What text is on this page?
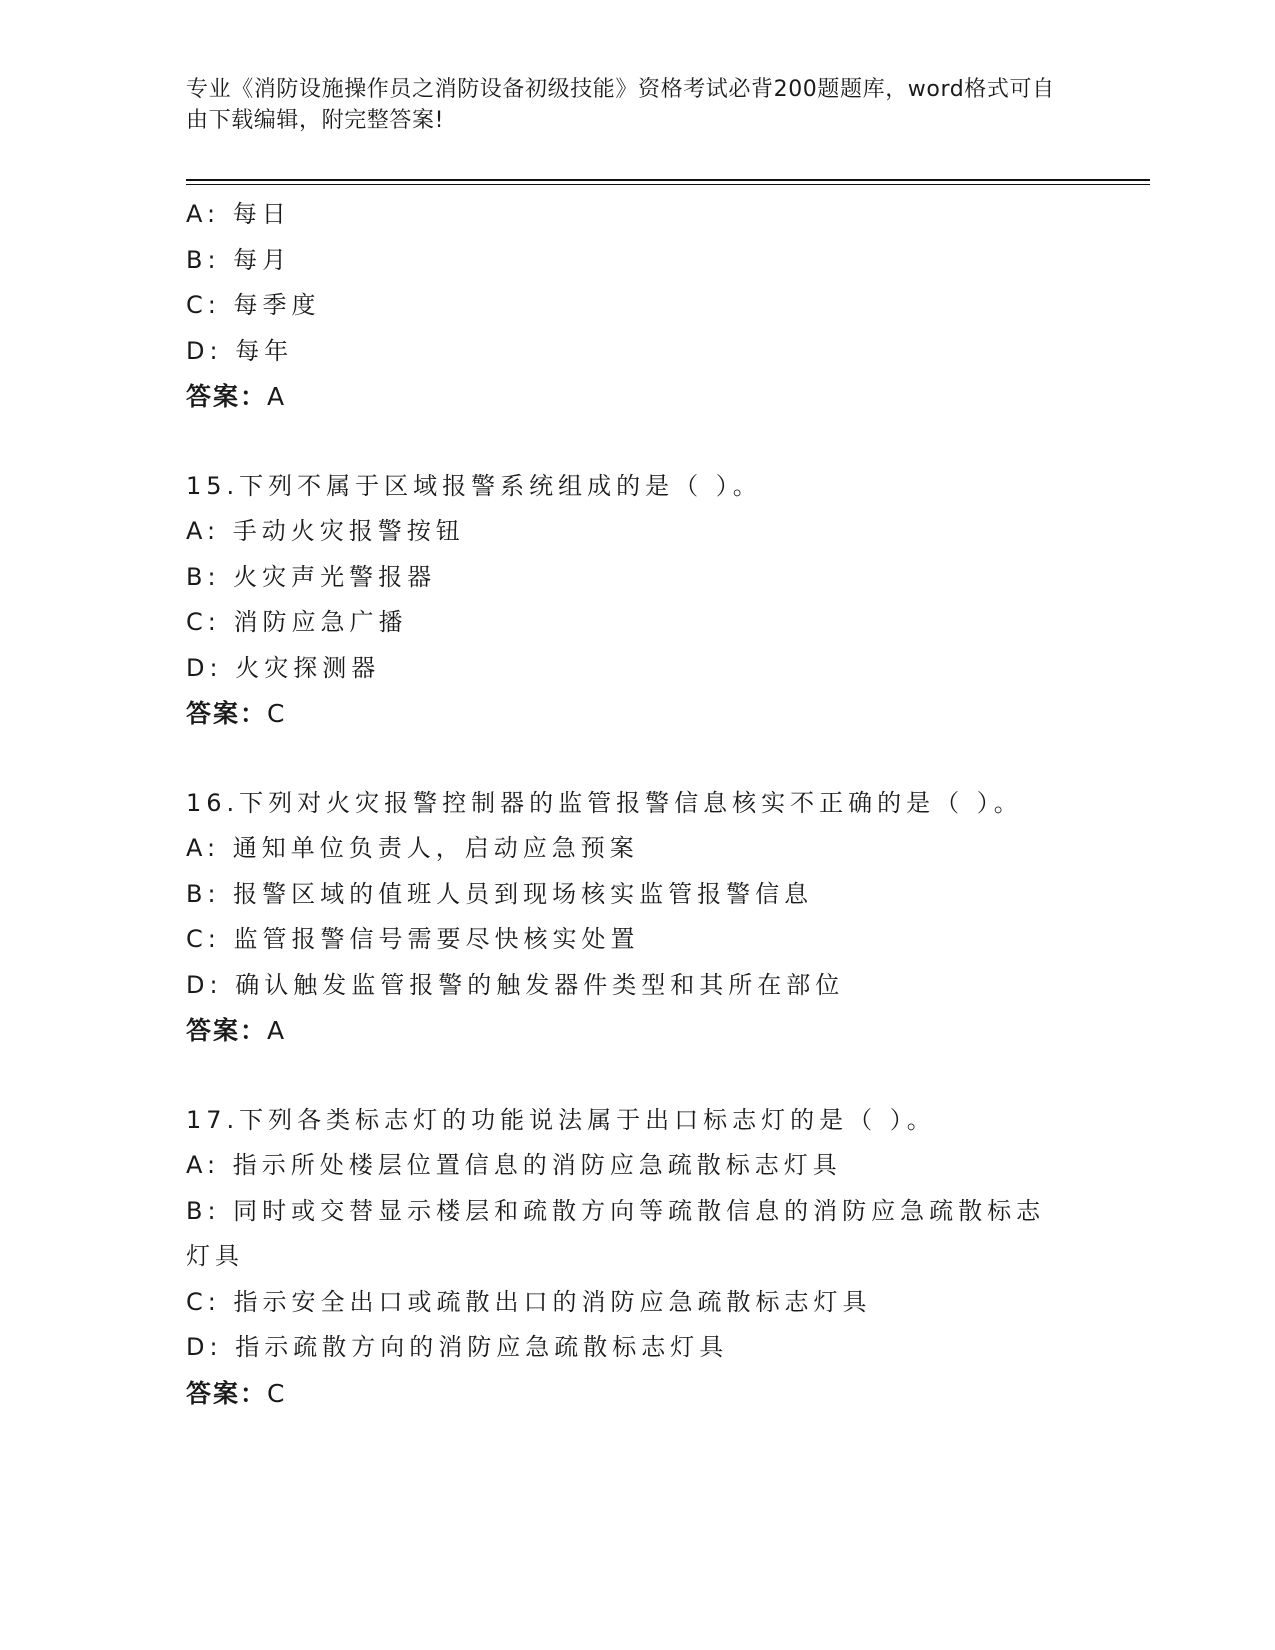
专业《消防设施操作员之消防设备初级技能》资格考试必背200题题库，word格式可自由下载编辑，附完整答案!
A: 每日
B: 每月
C: 每季度
D: 每年
答案：A
15.下列不属于区域报警系统组成的是（ ）。
A: 手动火灾报警按钮
B: 火灾声光警报器
C: 消防应急广播
D: 火灾探测器
答案：C
16.下列对火灾报警控制器的监管报警信息核实不正确的是（ ）。
A: 通知单位负责人，启动应急预案
B: 报警区域的值班人员到现场核实监管报警信息
C: 监管报警信号需要尽快核实处置
D: 确认触发监管报警的触发器件类型和其所在部位
答案：A
17.下列各类标志灯的功能说法属于出口标志灯的是（ ）。
A: 指示所处楼层位置信息的消防应急疏散标志灯具
B: 同时或交替显示楼层和疏散方向等疏散信息的消防应急疏散标志灯具
C: 指示安全出口或疏散出口的消防应急疏散标志灯具
D: 指示疏散方向的消防应急疏散标志灯具
答案：C
